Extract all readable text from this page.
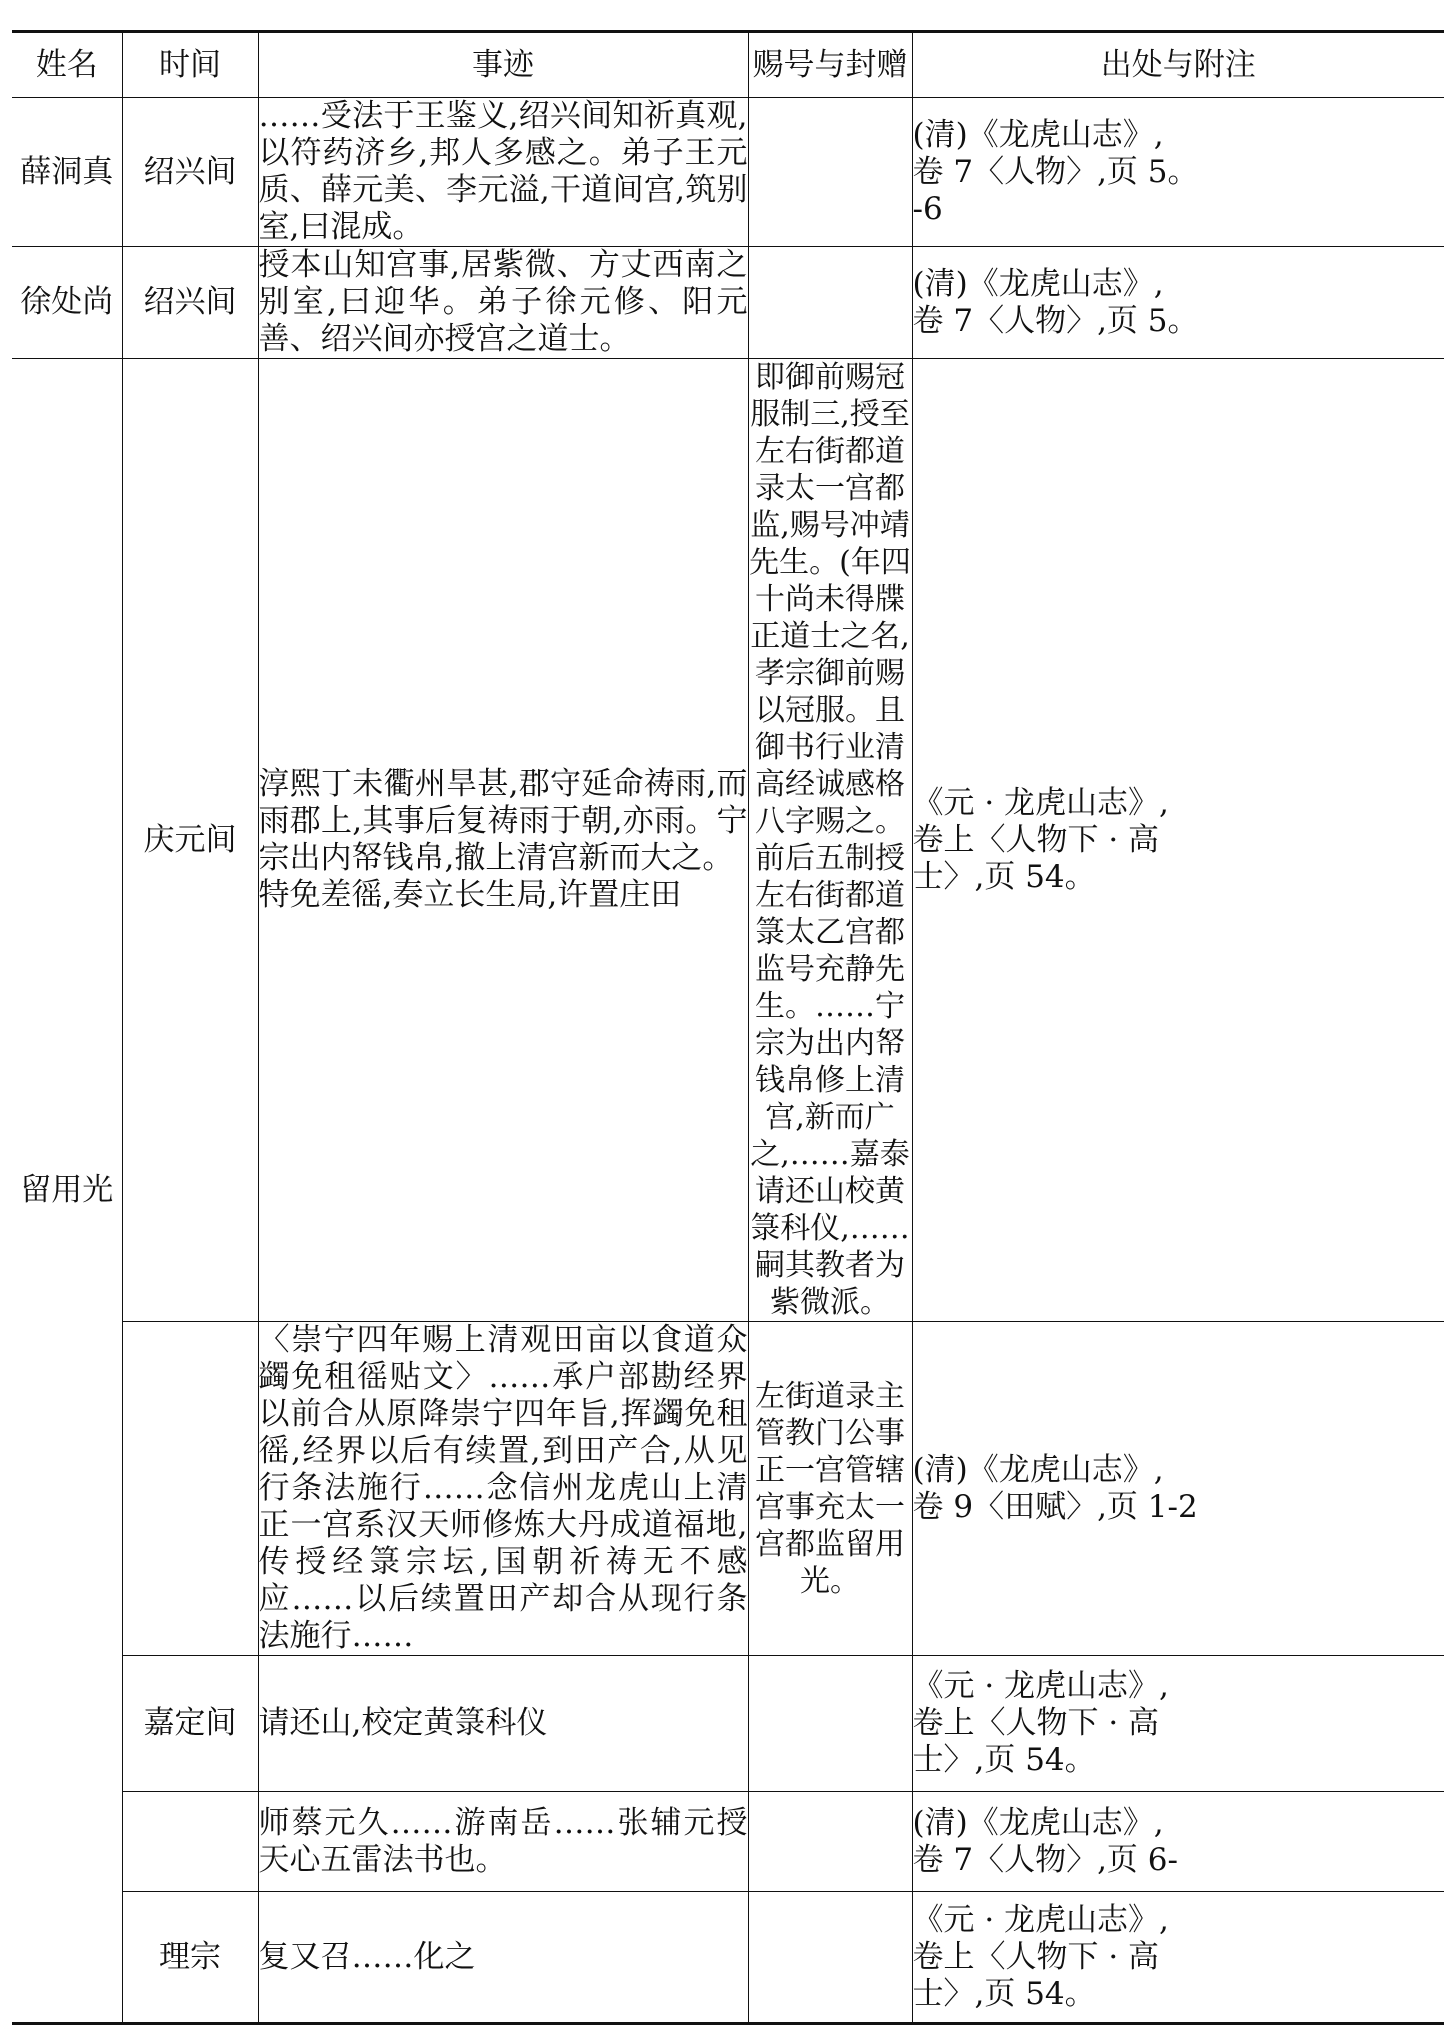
姓名	时间	事迹	赐号与封赠	出处与附注
薛洞真	绍兴间	……受法于王鉴义,绍兴间知祈真观,以符药济乡,邦人多感之。弟子王元质、薛元美、李元溢,干道间宫,筑别室,曰混成。		(清)《龙虎山志》,
卷 7〈人物〉,页 5。
-6
徐处尚	绍兴间	授本山知宫事,居紫微、方丈西南之别室,曰迎华。弟子徐元修、阳元善、绍兴间亦授宫之道士。		(清)《龙虎山志》,
卷 7〈人物〉,页 5。
留用光	庆元间	淳熙丁未衢州旱甚,郡守延命祷雨,而雨郡上,其事后复祷雨于朝,亦雨。宁宗出内帑钱帛,撤上清宫新而大之。
特免差徭,奏立长生局,许置庄田	即御前赐冠服制三,授至左右街都道录太一宫都监,赐号冲靖先生。(年四十尚未得牒正道士之名,孝宗御前赐以冠服。且御书行业清高经诚感格八字赐之。前后五制授左右街都道箓太乙宫都监号充静先生。……宁宗为出内帑钱帛修上清宫,新而广之,……嘉泰请还山校黄箓科仪,……嗣其教者为紫微派。	《元 · 龙虎山志》,
卷上〈人物下 · 高
士〉,页 54。
		〈崇宁四年赐上清观田亩以食道众蠲免租徭贴文〉……承户部勘经界以前合从原降崇宁四年旨,挥蠲免租徭,经界以后有续置,到田产合,从见行条法施行……念信州龙虎山上清正一宫系汉天师修炼大丹成道福地,传授经箓宗坛,国朝祈祷无不感应……以后续置田产却合从现行条法施行……	左街道录主管教门公事正一宫管辖宫事充太一宫都监留用光。	(清)《龙虎山志》,
卷 9〈田赋〉,页 1-2
	嘉定间	请还山,校定黄箓科仪		《元 · 龙虎山志》,
卷上〈人物下 · 高
士〉,页 54。
		师蔡元久……游南岳……张辅元授天心五雷法书也。		(清)《龙虎山志》,
卷 7〈人物〉,页 6-
	理宗	复又召……化之		《元 · 龙虎山志》,
卷上〈人物下 · 高
士〉,页 54。
